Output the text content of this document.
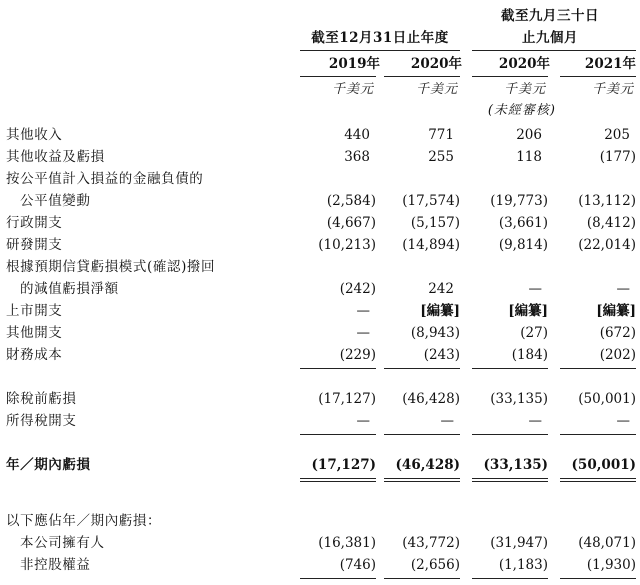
截至九月三十日
截至12月31日止年度	止九個月
2019年	2020年	2020年	2021年
千美元	千美元	千美元	千美元
(未經審核)
其他收入	440	771	206	205
其他收益及虧損	368	255	118	(177)
按公平值計入損益的金融負債的
公平值變動	(2,584)	(17,574)	(19,773)	(13,112)
行政開支	(4,667)	(5,157)	(3,661)	(8,412)
研發開支	(10,213)	(14,894)	(9,814)	(22,014)
根據預期信貸虧損模式(確認)撥回
的減值虧損淨額	(242)	242	—	—
上市開支	—	[編纂]	[編纂]	[編纂]
其他開支	—	(8,943)	(27)	(672)
財務成本	(229)	(243)	(184)	(202)
除稅前虧損	(17,127)	(46,428)	(33,135)	(50,001)
所得稅開支	—	—	—	—
年／期內虧損	(17,127)	(46,428)	(33,135)	(50,001)
以下應佔年／期內虧損：
本公司擁有人	(16,381)	(43,772)	(31,947)	(48,071)
非控股權益	(746)	(2,656)	(1,183)	(1,930)
